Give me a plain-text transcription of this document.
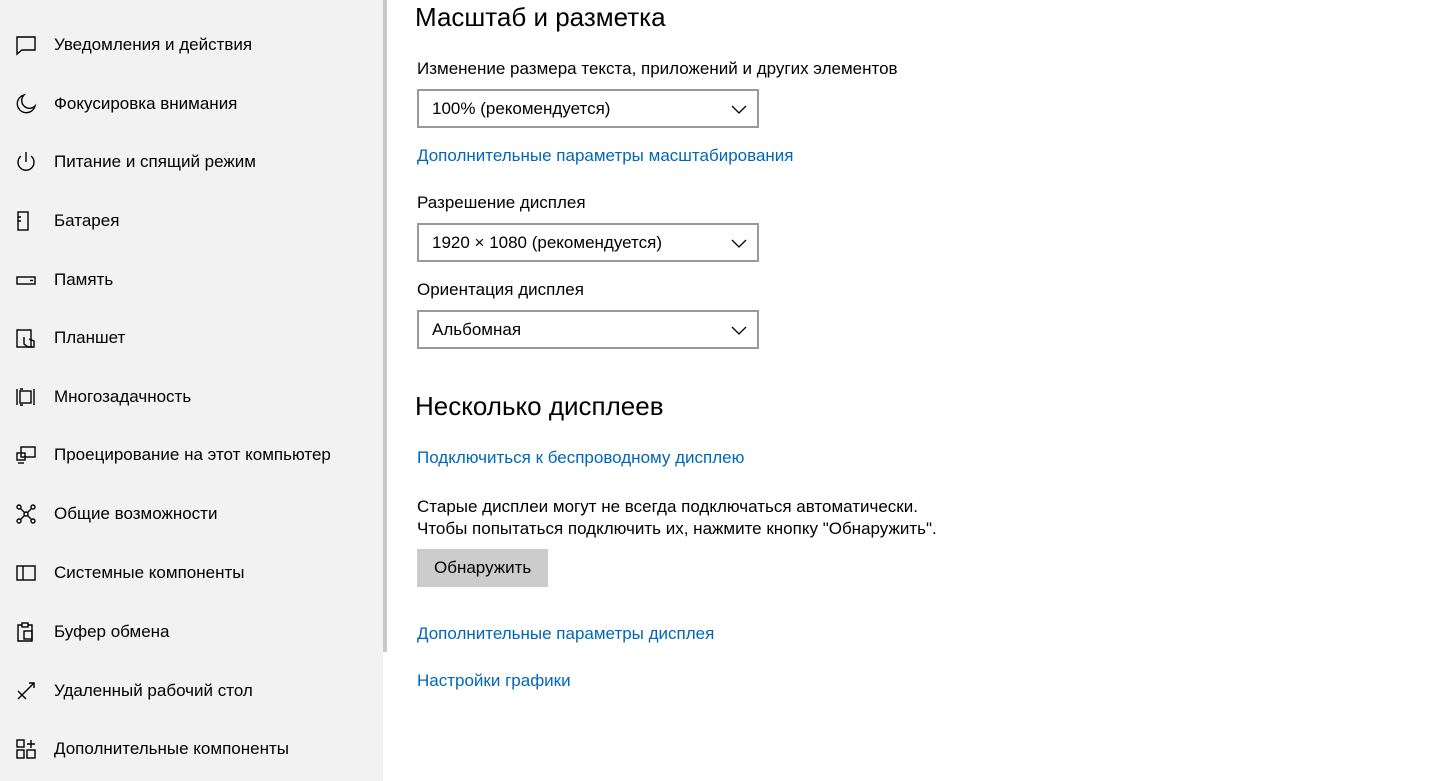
Уведомления и действия
Фокусировка внимания
Питание и спящий режим
Батарея
Память
Планшет
Многозадачность
Проецирование на этот компьютер
Общие возможности
Системные компоненты
Буфер обмена
Удаленный рабочий стол
Дополнительные компоненты
Масштаб и разметка
Изменение размера текста, приложений и других элементов
100% (рекомендуется)
Дополнительные параметры масштабирования
Разрешение дисплея
1920 × 1080 (рекомендуется)
Ориентация дисплея
Альбомная
Несколько дисплеев
Подключиться к беспроводному дисплею
Старые дисплеи могут не всегда подключаться автоматически.
Чтобы попытаться подключить их, нажмите кнопку "Обнаружить".
Обнаружить
Дополнительные параметры дисплея
Настройки графики
